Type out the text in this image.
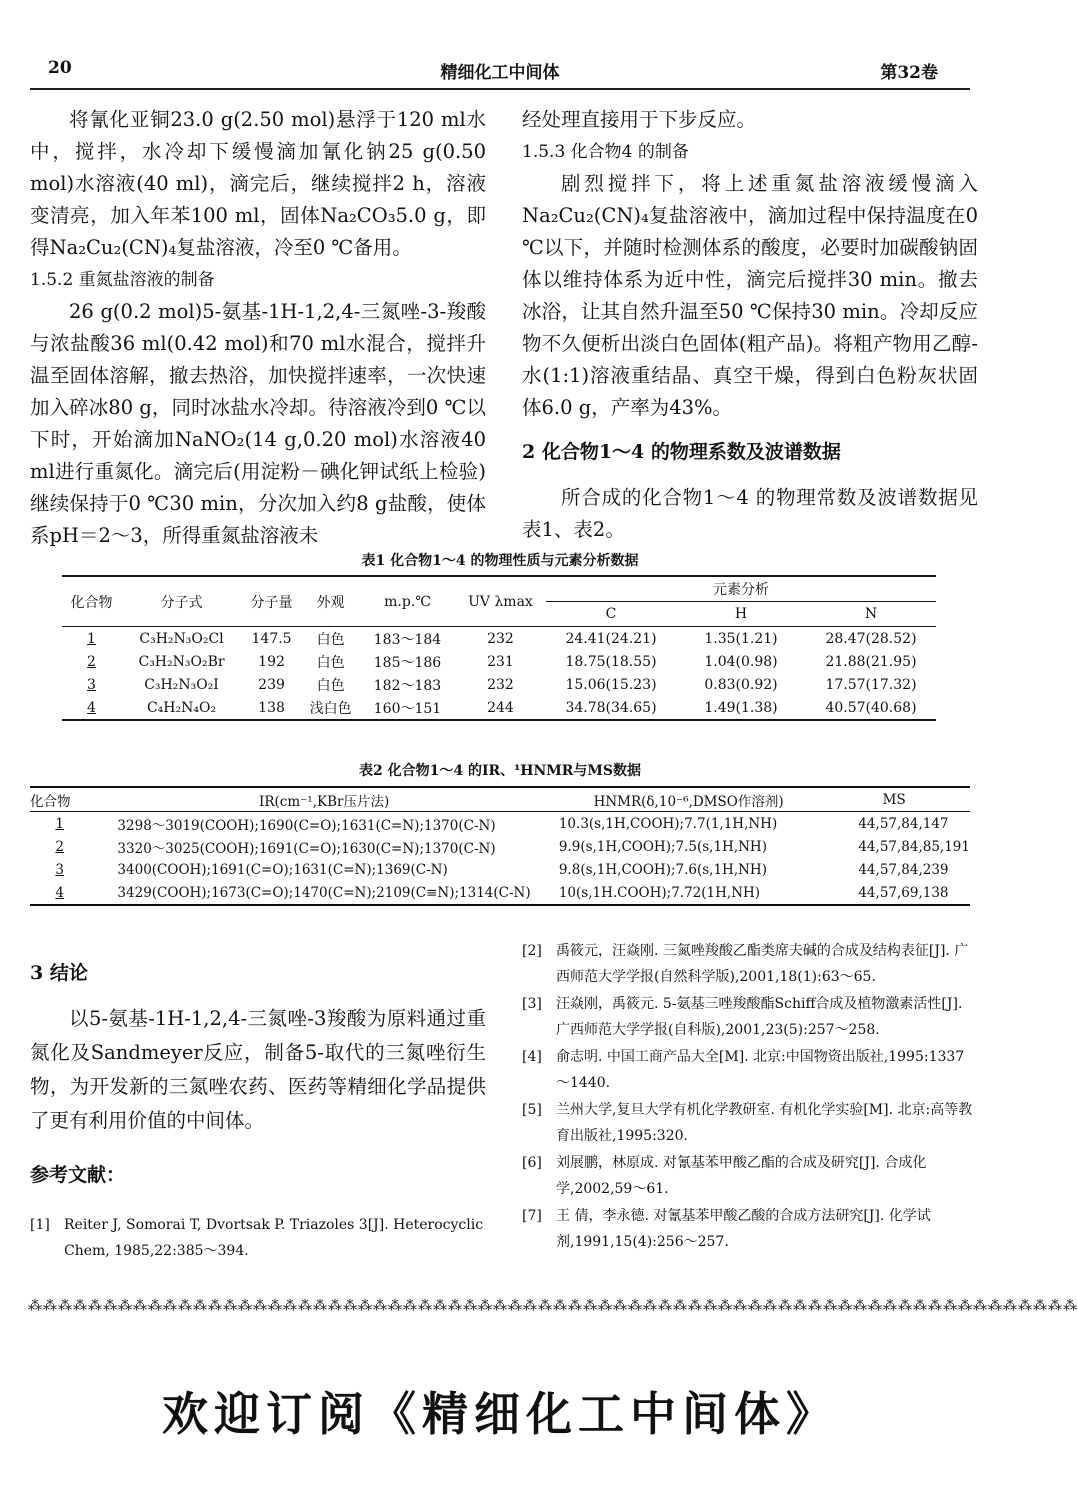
20	精细化工中间体	第32卷

将氰化亚铜23.0 g(2.50 mol)悬浮于120 ml水中，搅拌，水冷却下缓慢滴加氰化钠25 g(0.50 mol)水溶液(40 ml)，滴完后，继续搅拌2 h，溶液变清亮，加入年苯100 ml，固体Na₂CO₃5.0 g，即得Na₂Cu₂(CN)₄复盐溶液，冷至0 ℃备用。

1.5.2 重氮盐溶液的制备

26 g(0.2 mol)5-氨基-1H-1,2,4-三氮唑-3-羧酸与浓盐酸36 ml(0.42 mol)和70 ml水混合，搅拌升温至固体溶解，撤去热浴，加快搅拌速率，一次快速加入碎冰80 g，同时冰盐水冷却。待溶液冷到0 ℃以下时，开始滴加NaNO₂(14 g,0.20 mol)水溶液40 ml进行重氮化。滴完后(用淀粉－碘化钾试纸上检验)继续保持于0 ℃30 min，分次加入约8 g盐酸，使体系pH＝2～3，所得重氮盐溶液未

经处理直接用于下步反应。

1.5.3 化合物4 的制备

剧烈搅拌下，将上述重氮盐溶液缓慢滴入Na₂Cu₂(CN)₄复盐溶液中，滴加过程中保持温度在0 ℃以下，并随时检测体系的酸度，必要时加碳酸钠固体以维持体系为近中性，滴完后搅拌30 min。撤去冰浴，让其自然升温至50 ℃保持30 min。冷却反应物不久便析出淡白色固体(粗产品)。将粗产物用乙醇-水(1:1)溶液重结晶、真空干燥，得到白色粉灰状固体6.0 g，产率为43%。

2 化合物1～4 的物理系数及波谱数据

所合成的化合物1～4 的物理常数及波谱数据见表1、表2。

表1 化合物1～4 的物理性质与元素分析数据
化合物	分子式	分子量	外观	m.p.℃	UV λmax	元素分析		
						C	H	N
1	C₃H₂N₃O₂Cl	147.5	白色	183～184	232	24.41(24.21)	1.35(1.21)	28.47(28.52)
2	C₃H₂N₃O₂Br	192	白色	185～186	231	18.75(18.55)	1.04(0.98)	21.88(21.95)
3	C₃H₂N₃O₂I	239	白色	182～183	232	15.06(15.23)	0.83(0.92)	17.57(17.32)
4	C₄H₂N₄O₂	138	浅白色	160～151	244	34.78(34.65)	1.49(1.38)	40.57(40.68)
表2 化合物1～4 的IR、¹HNMR与MS数据
化合物	IR(cm⁻¹,KBr压片法)	HNMR(δ,10⁻⁶,DMSO作溶剂)	MS
1	3298～3019(COOH);1690(C=O);1631(C=N);1370(C-N)	10.3(s,1H,COOH);7.7(1,1H,NH)	44,57,84,147
2	3320～3025(COOH);1691(C=O);1630(C=N);1370(C-N)	9.9(s,1H,COOH);7.5(s,1H,NH)	44,57,84,85,191
3	3400(COOH);1691(C=O);1631(C=N);1369(C-N)	9.8(s,1H,COOH);7.6(s,1H,NH)	44,57,84,239
4	3429(COOH);1673(C=O);1470(C=N);2109(C≡N);1314(C-N)	10(s,1H.COOH);7.72(1H,NH)	44,57,69,138
3 结论

以5-氨基-1H-1,2,4-三氮唑-3羧酸为原料通过重氮化及Sandmeyer反应，制备5-取代的三氮唑衍生物，为开发新的三氮唑农药、医药等精细化学品提供了更有利用价值的中间体。

参考文献：
[1]	Reiter J, Somorai T, Dvortsak P. Triazoles 3[J]. Heterocyclic Chem, 1985,22:385～394.
[2]	禹筱元，汪焱刚. 三氮唑羧酸乙酯类席夫碱的合成及结构表征[J]. 广西师范大学学报(自然科学版),2001,18(1):63～65.
[3]	汪焱刚，禹筱元. 5-氨基三唑羧酸酯Schiff合成及植物激素活性[J]. 广西师范大学学报(自科版),2001,23(5):257～258.
[4]	俞志明. 中国工商产品大全[M]. 北京:中国物资出版社,1995:1337～1440.
[5]	兰州大学,复旦大学有机化学教研室. 有机化学实验[M]. 北京:高等教育出版社,1995:320.
[6]	刘展鹏，林原成. 对氰基苯甲酸乙酯的合成及研究[J]. 合成化学,2002,59～61.
[7]	王 倩，李永德. 对氰基苯甲酸乙酸的合成方法研究[J]. 化学试剂,1991,15(4):256～257.
⁂⁂⁂⁂⁂⁂⁂⁂⁂⁂⁂⁂⁂⁂⁂⁂⁂⁂⁂⁂⁂⁂⁂⁂⁂⁂⁂⁂⁂⁂⁂⁂⁂⁂⁂⁂⁂⁂⁂⁂⁂⁂⁂⁂⁂⁂⁂⁂⁂⁂⁂⁂⁂⁂⁂⁂⁂⁂⁂⁂⁂⁂⁂⁂⁂⁂⁂⁂⁂⁂
欢迎订阅《精细化工中间体》
